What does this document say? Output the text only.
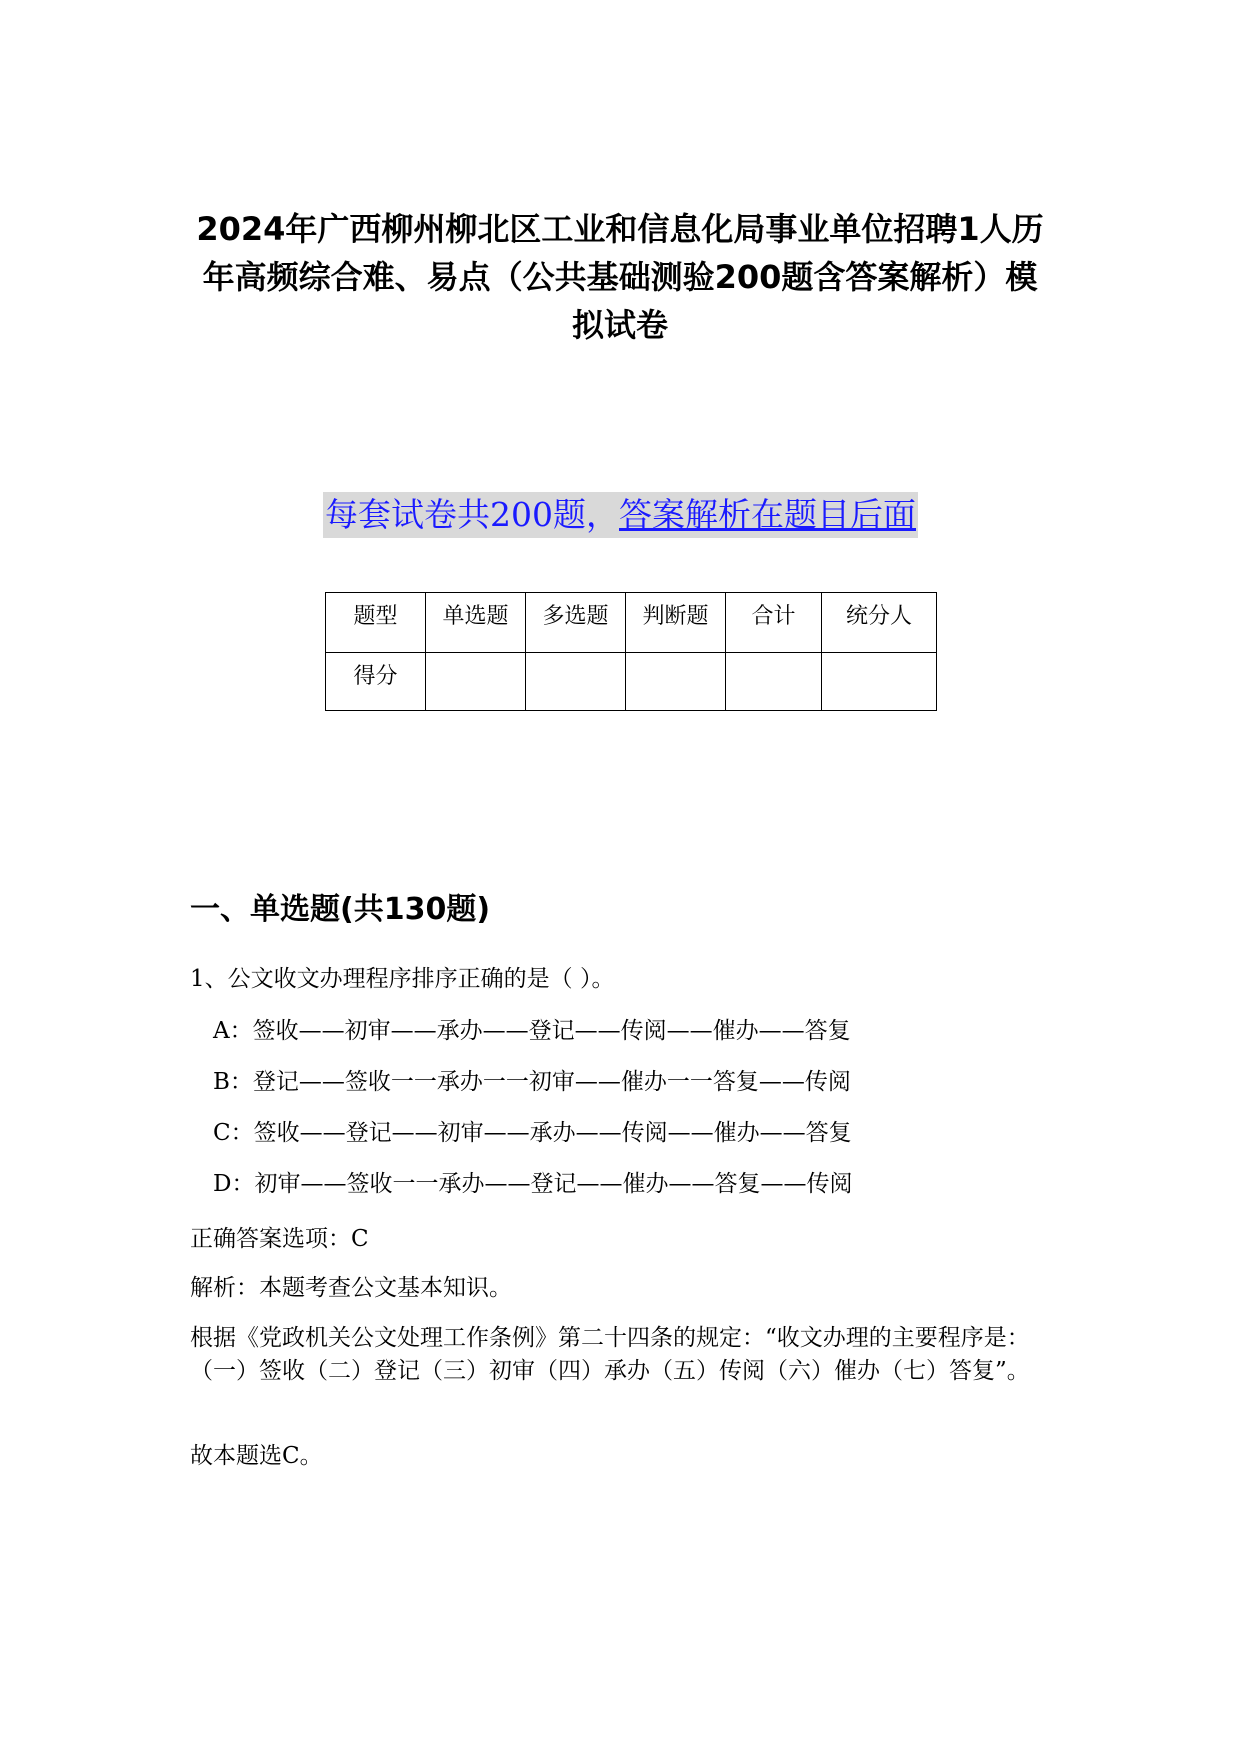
2024年广西柳州柳北区工业和信息化局事业单位招聘1人历
年高频综合难、易点（公共基础测验200题含答案解析）模
拟试卷
每套试卷共200题，答案解析在题目后面
题型	单选题	多选题	判断题	合计	统分人
得分					
一、单选题(共130题)
1、公文收文办理程序排序正确的是（ ）。
A：签收——初审——承办——登记——传阅——催办——答复
B：登记——签收一一承办一一初审——催办一一答复——传阅
C：签收——登记——初审——承办——传阅——催办——答复
D：初审——签收一一承办——登记——催办——答复——传阅
正确答案选项：C
解析：本题考查公文基本知识。
根据《党政机关公文处理工作条例》第二十四条的规定：“收文办理的主要程序是：（一）签收（二）登记（三）初审（四）承办（五）传阅（六）催办（七）答复”。
故本题选C。
